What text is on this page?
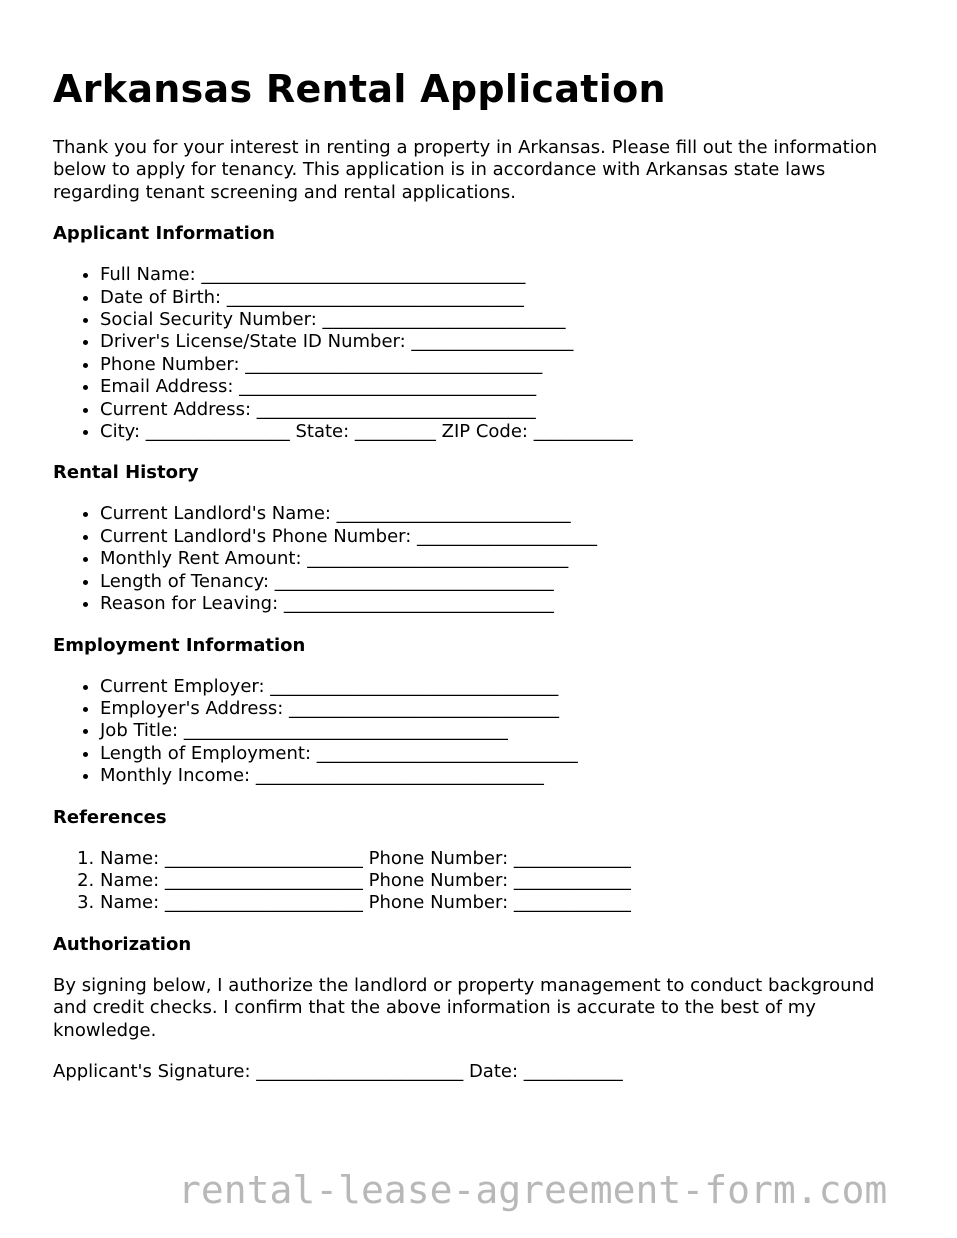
Arkansas Rental Application

Thank you for your interest in renting a property in Arkansas. Please fill out the information below to apply for tenancy. This application is in accordance with Arkansas state laws regarding tenant screening and rental applications.

Applicant Information
• Full Name: ____________________________________
• Date of Birth: _________________________________
• Social Security Number: ___________________________
• Driver's License/State ID Number: __________________
• Phone Number: _________________________________
• Email Address: _________________________________
• Current Address: _______________________________
• City: ________________ State: _________ ZIP Code: ___________
Rental History
• Current Landlord's Name: __________________________
• Current Landlord's Phone Number: ____________________
• Monthly Rent Amount: _____________________________
• Length of Tenancy: _______________________________
• Reason for Leaving: ______________________________
Employment Information
• Current Employer: ________________________________
• Employer's Address: ______________________________
• Job Title: ____________________________________
• Length of Employment: _____________________________
• Monthly Income: ________________________________
References
1. Name: ______________________ Phone Number: _____________
2. Name: ______________________ Phone Number: _____________
3. Name: ______________________ Phone Number: _____________
Authorization

By signing below, I authorize the landlord or property management to conduct background and credit checks. I confirm that the above information is accurate to the best of my knowledge.

Applicant's Signature: _______________________ Date: ___________

rental-lease-agreement-form.com
